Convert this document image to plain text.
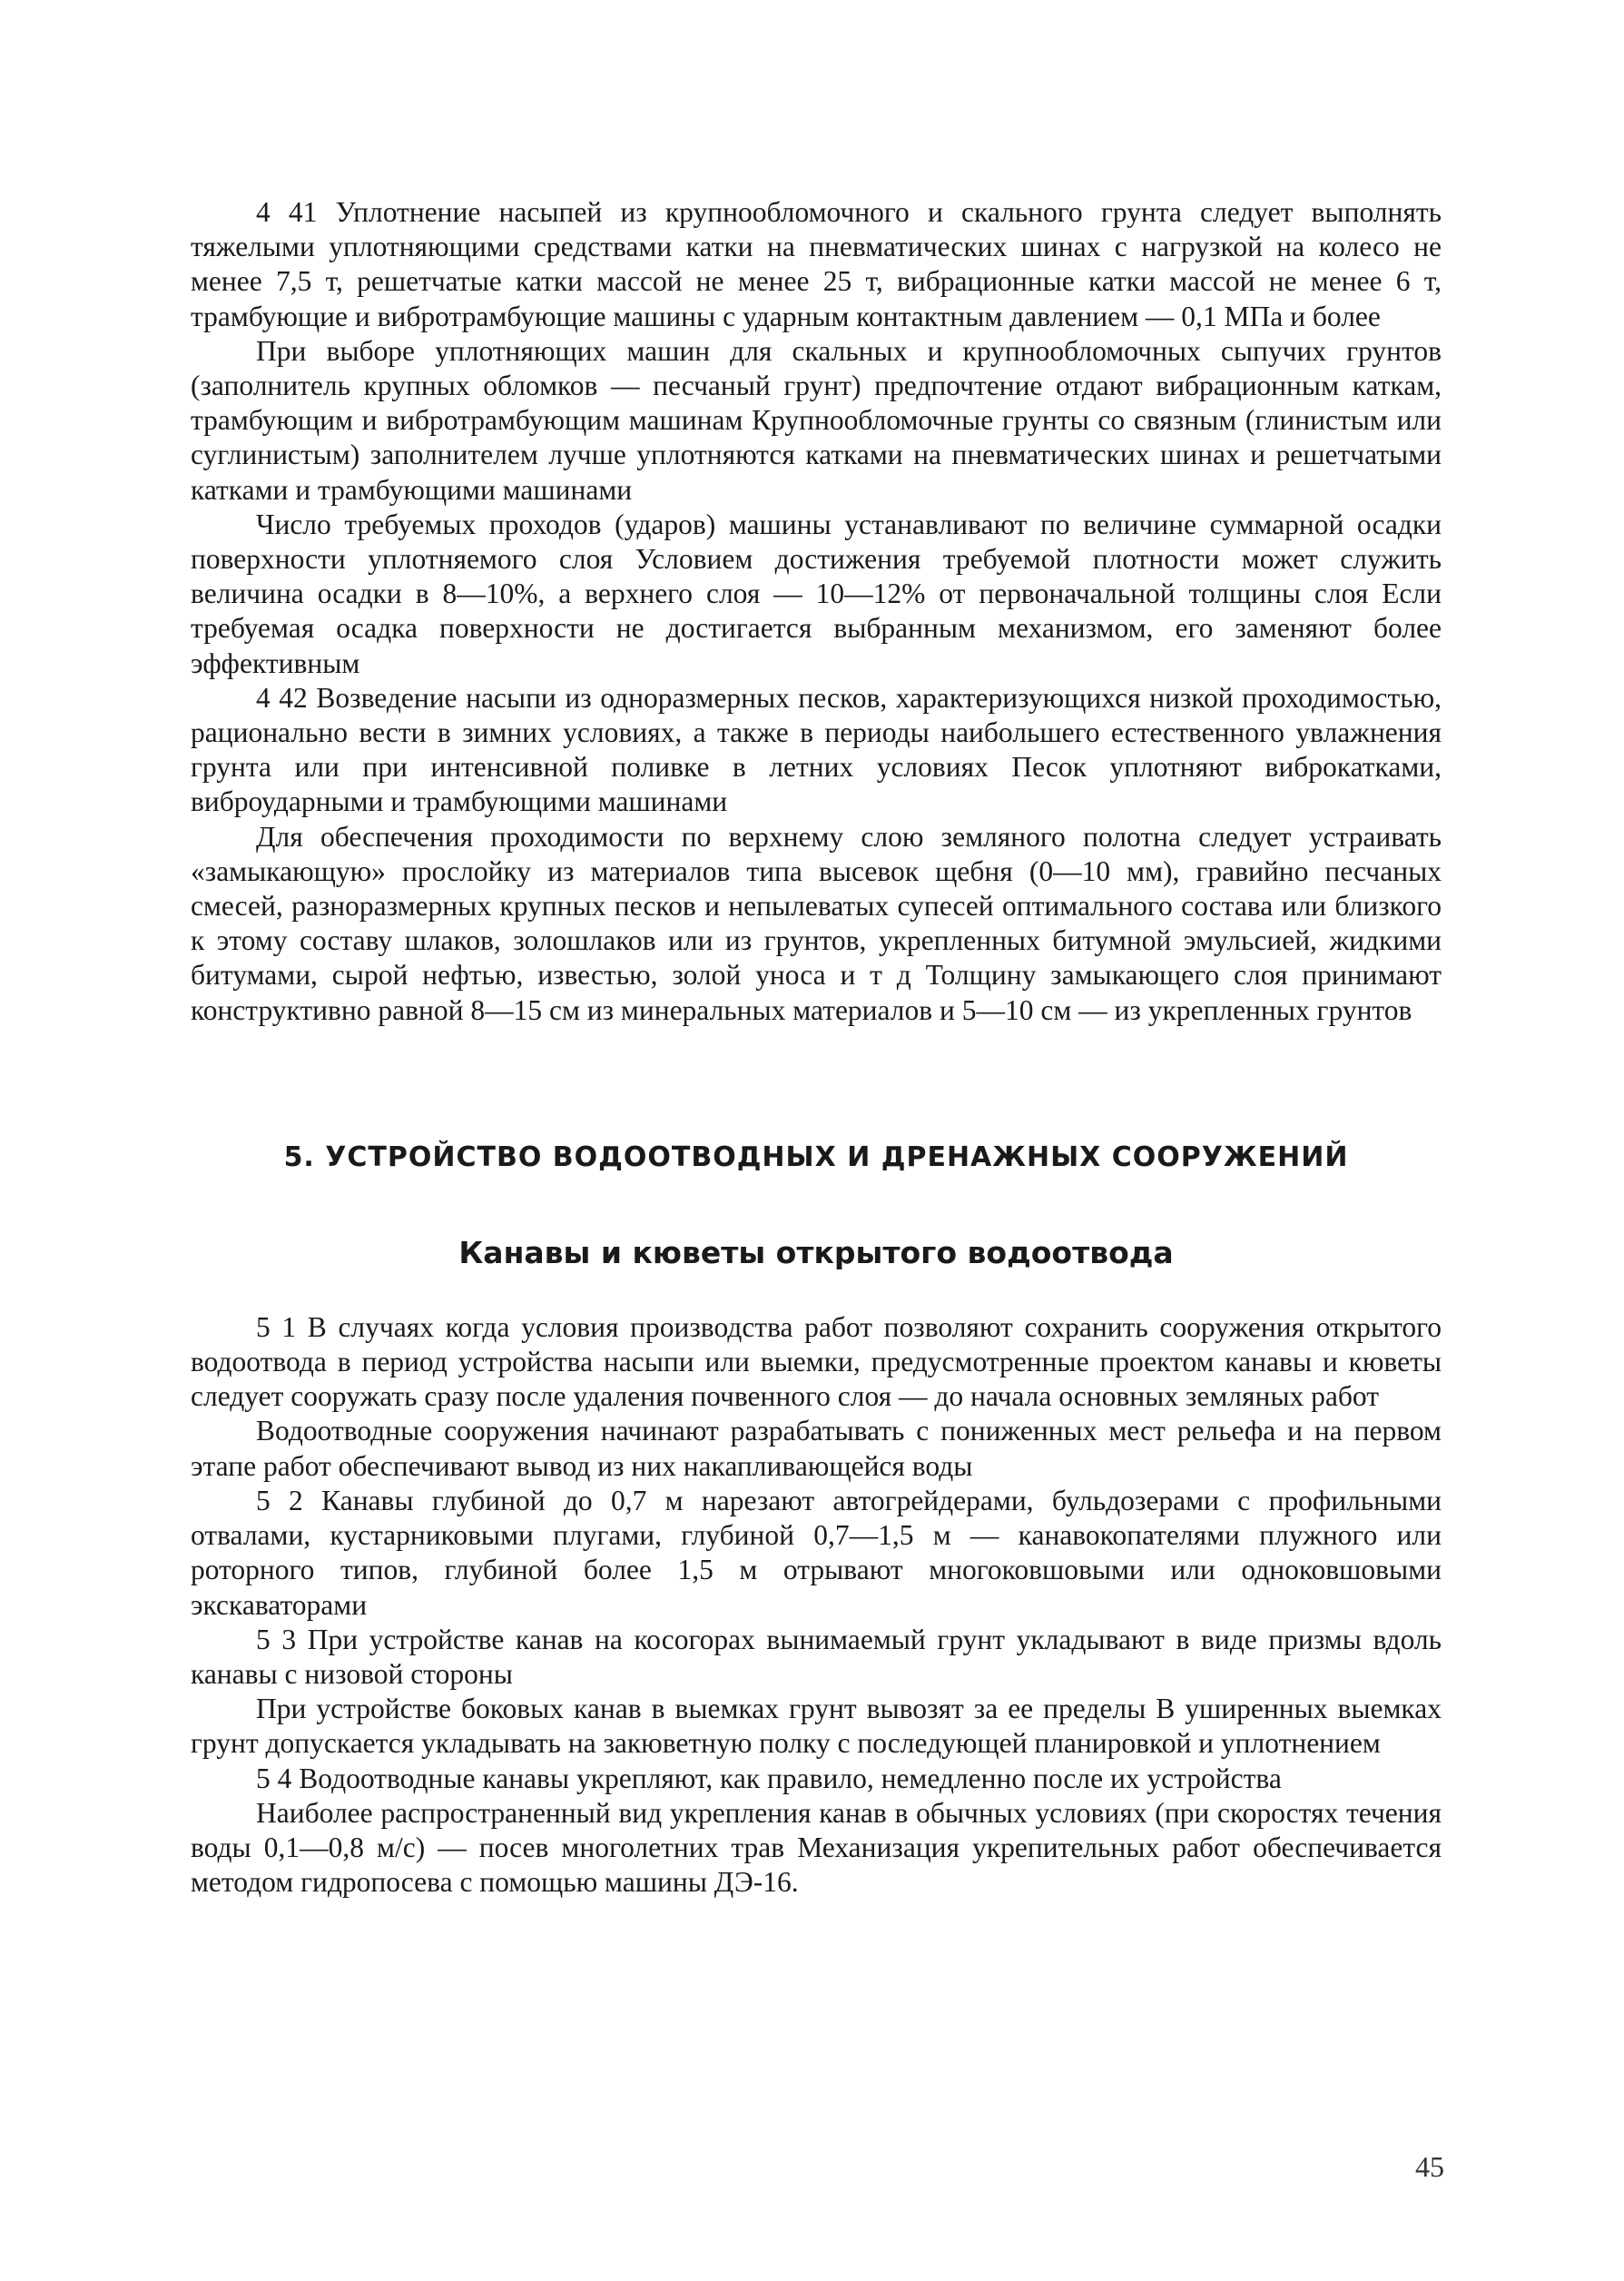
4 41 Уплотнение насыпей из крупнообломочного и скального грунта следует выполнять тяжелыми уплотняющими средствами катки на пневматических шинах с нагрузкой на колесо не менее 7,5 т, решетчатые катки массой не менее 25 т, вибрационные катки массой не менее 6 т, трамбующие и вибротрамбующие машины с ударным контактным давлением — 0,1 МПа и более

При выборе уплотняющих машин для скальных и крупнообломочных сыпучих грунтов (заполнитель крупных обломков — песчаный грунт) предпочтение отдают вибрационным каткам, трамбующим и вибротрамбующим машинам Крупнообломочные грунты со связным (глинистым или суглинистым) заполнителем лучше уплотняются катками на пневматических шинах и решетчатыми катками и трамбующими машинами

Число требуемых проходов (ударов) машины устанавливают по величине суммарной осадки поверхности уплотняемого слоя Условием достижения требуемой плотности может служить величина осадки в 8—10%, а верхнего слоя — 10—12% от первоначальной толщины слоя Если требуемая осадка поверхности не достигается выбранным механизмом, его заменяют более эффективным

4 42 Возведение насыпи из одноразмерных песков, характеризующихся низкой проходимостью, рационально вести в зимних условиях, а также в периоды наибольшего естественного увлажнения грунта или при интенсивной поливке в летних условиях Песок уплотняют виброкатками, виброударными и трамбующими машинами

Для обеспечения проходимости по верхнему слою земляного полотна следует устраивать «замыкающую» прослойку из материалов типа высевок щебня (0—10 мм), гравийно песчаных смесей, разноразмерных крупных песков и непылеватых супесей оптимального состава или близкого к этому составу шлаков, золошлаков или из грунтов, укрепленных битумной эмульсией, жидкими битумами, сырой нефтью, известью, золой уноса и т д Толщину замыкающего слоя принимают конструктивно равной 8—15 см из минеральных материалов и 5—10 см — из укрепленных грунтов

5. УСТРОЙСТВО ВОДООТВОДНЫХ И ДРЕНАЖНЫХ СООРУЖЕНИЙ
Канавы и кюветы открытого водоотвода

5 1 В случаях когда условия производства работ позволяют сохранить сооружения открытого водоотвода в период устройства насыпи или выемки, предусмотренные проектом канавы и кюветы следует сооружать сразу после удаления почвенного слоя — до начала основных земляных работ

Водоотводные сооружения начинают разрабатывать с пониженных мест рельефа и на первом этапе работ обеспечивают вывод из них накапливающейся воды

5 2 Канавы глубиной до 0,7 м нарезают автогрейдерами, бульдозерами с профильными отвалами, кустарниковыми плугами, глубиной 0,7—1,5 м — канавокопателями плужного или роторного типов, глубиной более 1,5 м отрывают многоковшовыми или одноковшовыми экскаваторами

5 3 При устройстве канав на косогорах вынимаемый грунт укладывают в виде призмы вдоль канавы с низовой стороны

При устройстве боковых канав в выемках грунт вывозят за ее пределы В уширенных выемках грунт допускается укладывать на закюветную полку с последующей планировкой и уплотнением

5 4 Водоотводные канавы укрепляют, как правило, немедленно после их устройства

Наиболее распространенный вид укрепления канав в обычных условиях (при скоростях течения воды 0,1—0,8 м/с) — посев многолетних трав Механизация укрепительных работ обеспечивается методом гидропосева с помощью машины ДЭ-16.

45
